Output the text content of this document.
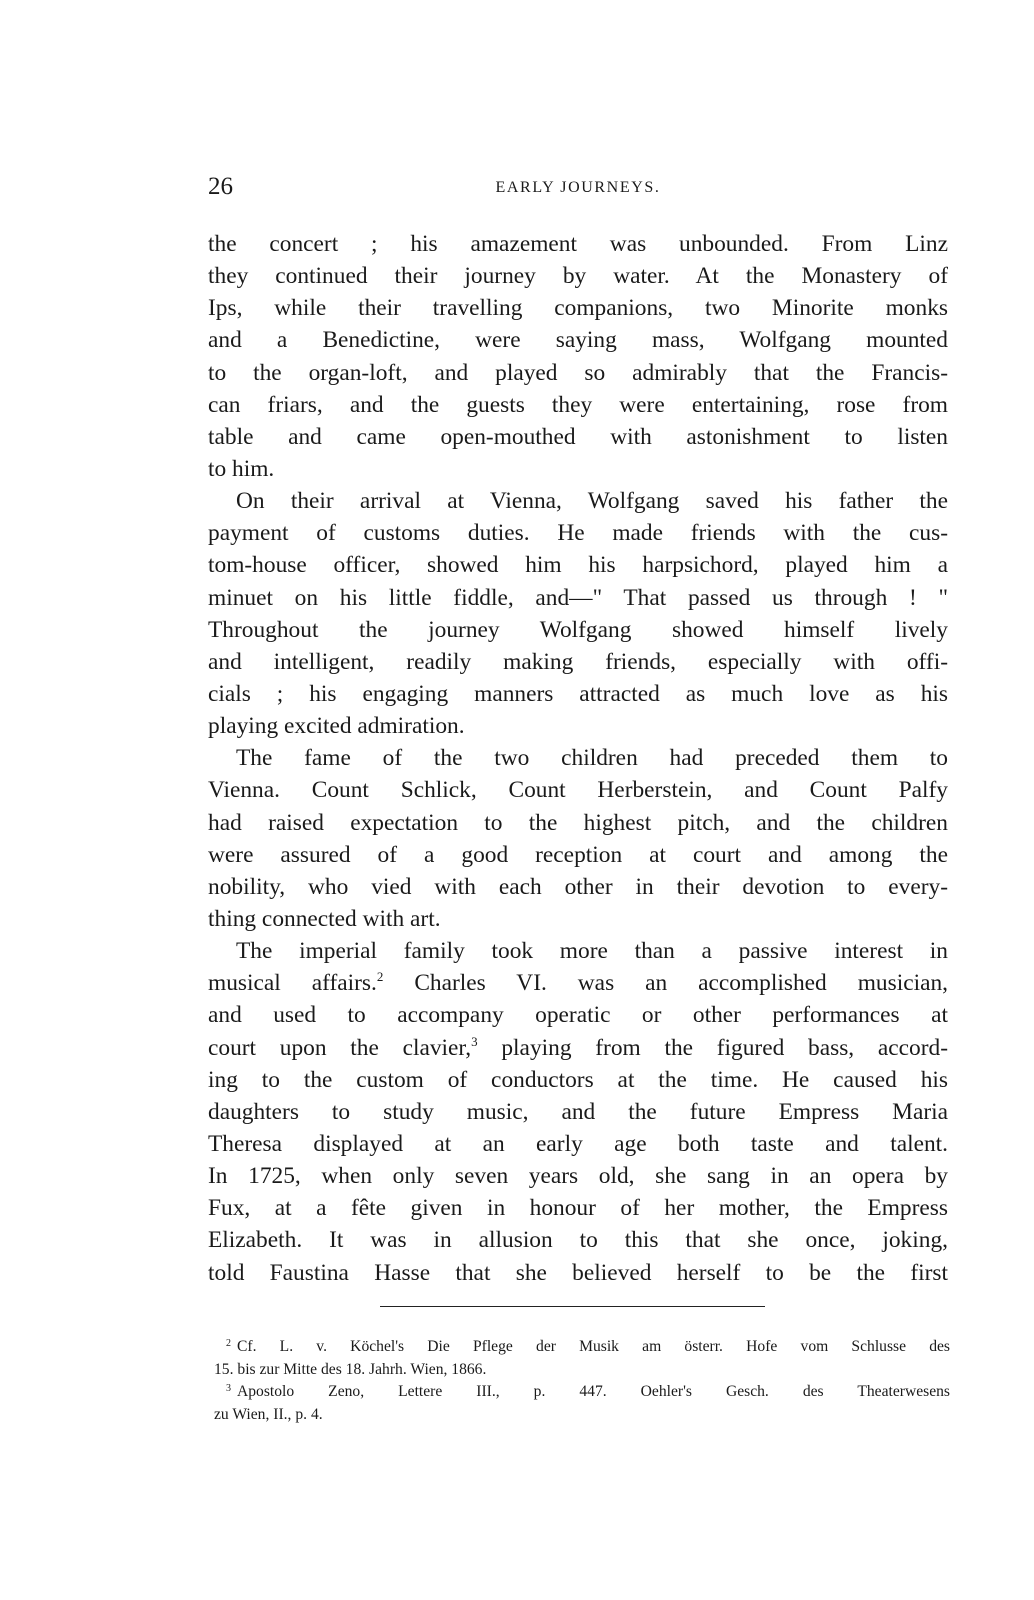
26	EARLY JOURNEYS.
the concert ; his amazement was unbounded. From Linz
they continued their journey by water. At the Monastery of
Ips, while their travelling companions, two Minorite monks
and a Benedictine, were saying mass, Wolfgang mounted
to the organ-loft, and played so admirably that the Francis-
can friars, and the guests they were entertaining, rose from
table and came open-mouthed with astonishment to listen
to him.
On their arrival at Vienna, Wolfgang saved his father the
payment of customs duties. He made friends with the cus-
tom-house officer, showed him his harpsichord, played him a
minuet on his little fiddle, and—" That passed us through ! "
Throughout the journey Wolfgang showed himself lively
and intelligent, readily making friends, especially with offi-
cials ; his engaging manners attracted as much love as his
playing excited admiration.
The fame of the two children had preceded them to
Vienna. Count Schlick, Count Herberstein, and Count Palfy
had raised expectation to the highest pitch, and the children
were assured of a good reception at court and among the
nobility, who vied with each other in their devotion to every-
thing connected with art.
The imperial family took more than a passive interest in
musical affairs.$^2$ Charles VI. was an accomplished musician,
and used to accompany operatic or other performances at
court upon the clavier,$^3$ playing from the figured bass, accord-
ing to the custom of conductors at the time. He caused his
daughters to study music, and the future Empress Maria
Theresa displayed at an early age both taste and talent.
In 1725, when only seven years old, she sang in an opera by
Fux, at a fête given in honour of her mother, the Empress
Elizabeth. It was in allusion to this that she once, joking,
told Faustina Hasse that she believed herself to be the first
$^2$ Cf. L. v. Köchel's Die Pflege der Musik am österr. Hofe vom Schlusse des
15. bis zur Mitte des 18. Jahrh. Wien, 1866.
$^3$ Apostolo Zeno, Lettere III., p. 447. Oehler's Gesch. des Theaterwesens
zu Wien, II., p. 4.
